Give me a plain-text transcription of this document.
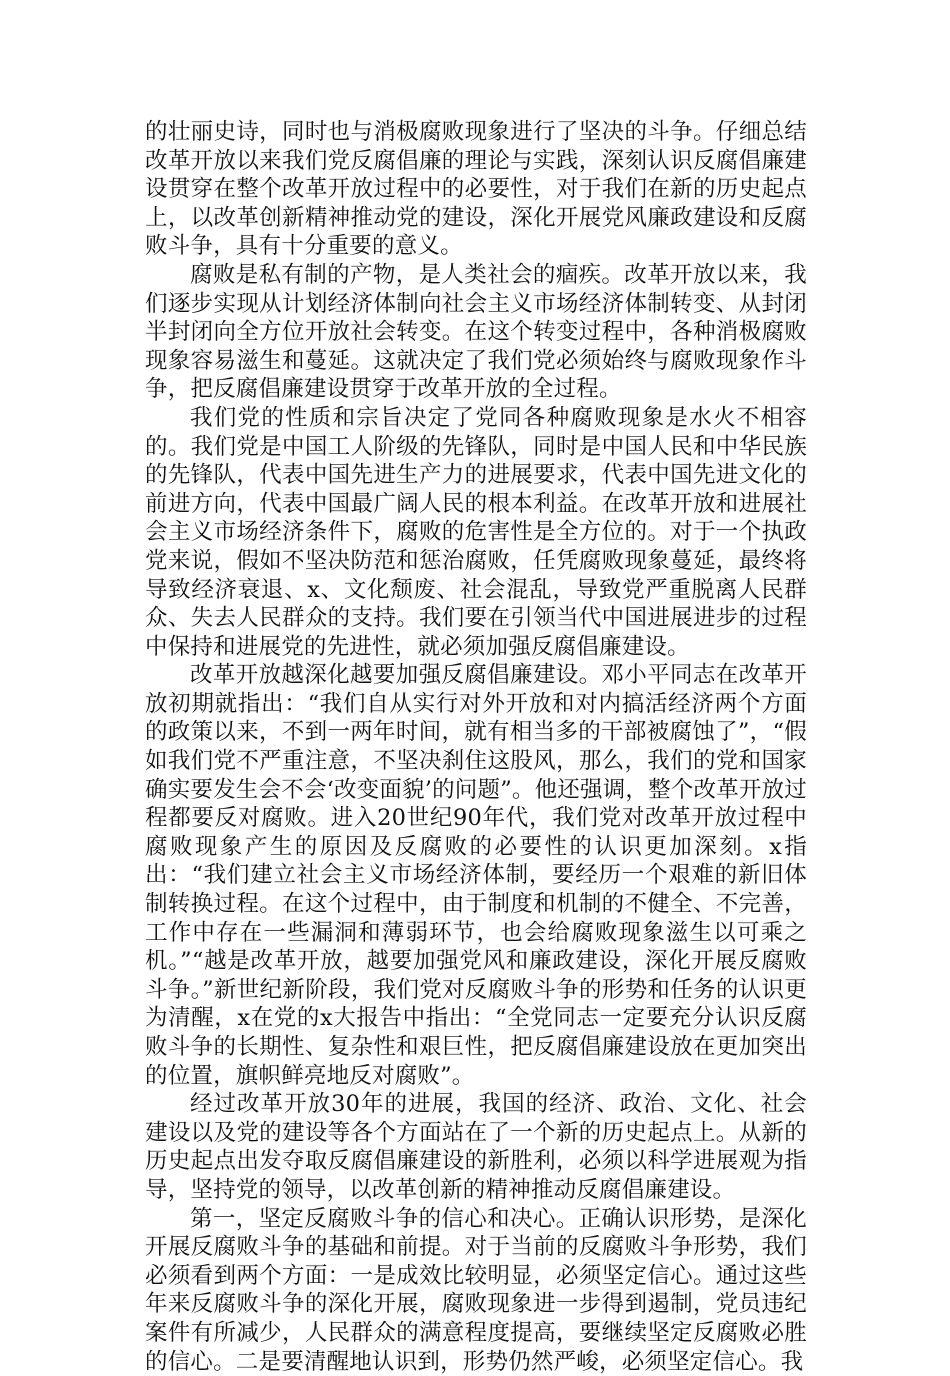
的壮丽史诗，同时也与消极腐败现象进行了坚决的斗争。仔细总结改革开放以来我们党反腐倡廉的理论与实践，深刻认识反腐倡廉建设贯穿在整个改革开放过程中的必要性，对于我们在新的历史起点上，以改革创新精神推动党的建设，深化开展党风廉政建设和反腐败斗争，具有十分重要的意义。

腐败是私有制的产物，是人类社会的痼疾。改革开放以来，我们逐步实现从计划经济体制向社会主义市场经济体制转变、从封闭半封闭向全方位开放社会转变。在这个转变过程中，各种消极腐败现象容易滋生和蔓延。这就决定了我们党必须始终与腐败现象作斗争，把反腐倡廉建设贯穿于改革开放的全过程。

我们党的性质和宗旨决定了党同各种腐败现象是水火不相容的。我们党是中国工人阶级的先锋队，同时是中国人民和中华民族的先锋队，代表中国先进生产力的进展要求，代表中国先进文化的前进方向，代表中国最广阔人民的根本利益。在改革开放和进展社会主义市场经济条件下，腐败的危害性是全方位的。对于一个执政党来说，假如不坚决防范和惩治腐败，任凭腐败现象蔓延，最终将导致经济衰退、x、文化颓废、社会混乱，导致党严重脱离人民群众、失去人民群众的支持。我们要在引领当代中国进展进步的过程中保持和进展党的先进性，就必须加强反腐倡廉建设。

改革开放越深化越要加强反腐倡廉建设。邓小平同志在改革开放初期就指出：“我们自从实行对外开放和对内搞活经济两个方面的政策以来，不到一两年时间，就有相当多的干部被腐蚀了”，“假如我们党不严重注意，不坚决刹住这股风，那么，我们的党和国家确实要发生会不会‘改变面貌’的问题”。他还强调，整个改革开放过程都要反对腐败。进入20世纪90年代，我们党对改革开放过程中腐败现象产生的原因及反腐败的必要性的认识更加深刻。x指出：“我们建立社会主义市场经济体制，要经历一个艰难的新旧体制转换过程。在这个过程中，由于制度和机制的不健全、不完善，工作中存在一些漏洞和薄弱环节，也会给腐败现象滋生以可乘之机。”“越是改革开放，越要加强党风和廉政建设，深化开展反腐败斗争。”新世纪新阶段，我们党对反腐败斗争的形势和任务的认识更为清醒，x在党的x大报告中指出：“全党同志一定要充分认识反腐败斗争的长期性、复杂性和艰巨性，把反腐倡廉建设放在更加突出的位置，旗帜鲜亮地反对腐败”。

经过改革开放30年的进展，我国的经济、政治、文化、社会建设以及党的建设等各个方面站在了一个新的历史起点上。从新的历史起点出发夺取反腐倡廉建设的新胜利，必须以科学进展观为指导，坚持党的领导，以改革创新的精神推动反腐倡廉建设。

第一，坚定反腐败斗争的信心和决心。正确认识形势，是深化开展反腐败斗争的基础和前提。对于当前的反腐败斗争形势，我们必须看到两个方面：一是成效比较明显，必须坚定信心。通过这些年来反腐败斗争的深化开展，腐败现象进一步得到遏制，党员违纪案件有所减少，人民群众的满意程度提高，要继续坚定反腐败必胜的信心。二是要清醒地认识到，形势仍然严峻，必须坚定信心。我
